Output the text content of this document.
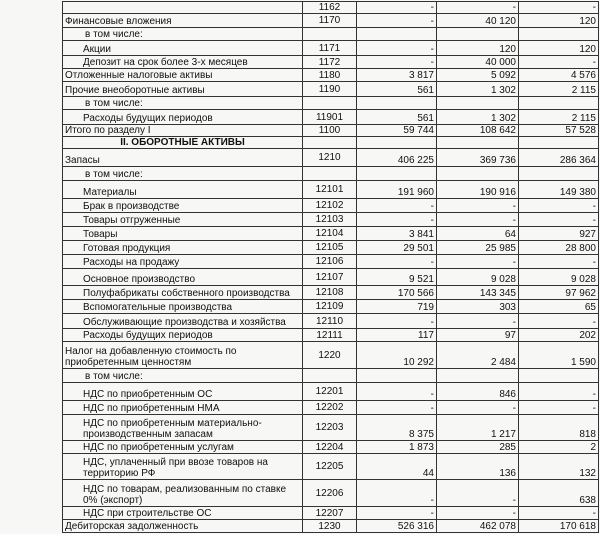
	1162	-	-	-
Финансовые вложения	1170	-	40 120	120
в том числе:				
Акции	1171	-	120	120
Депозит на срок более 3-х месяцев	1172	-	40 000	-
Отложенные налоговые активы	1180	3 817	5 092	4 576
Прочие внеоборотные активы	1190	561	1 302	2 115
в том числе:				
Расходы будущих периодов	11901	561	1 302	2 115
Итого по разделу I	1100	59 744	108 642	57 528
II. ОБОРОТНЫЕ АКТИВЫ				
Запасы	1210	406 225	369 736	286 364
в том числе:				
Материалы	12101	191 960	190 916	149 380
Брак в производстве	12102	-	-	-
Товары отгруженные	12103	-	-	-
Товары	12104	3 841	64	927
Готовая продукция	12105	29 501	25 985	28 800
Расходы на продажу	12106	-	-	-
Основное производство	12107	9 521	9 028	9 028
Полуфабрикаты собственного производства	12108	170 566	143 345	97 962
Вспомогательные производства	12109	719	303	65
Обслуживающие производства и хозяйства	12110	-	-	-
Расходы будущих периодов	12111	117	97	202
Налог на добавленную стоимость по приобретенным ценностям	1220	10 292	2 484	1 590
в том числе:				
НДС по приобретенным ОС	12201	-	846	-
НДС по приобретенным НМА	12202	-	-	-
НДС по приобретенным материально-производственным запасам	12203	8 375	1 217	818
НДС по приобретенным услугам	12204	1 873	285	2
НДС, уплаченный при ввозе товаров на территорию РФ	12205	44	136	132
НДС по товарам, реализованным по ставке 0% (экспорт)	12206	-	-	638
НДС при строительстве ОС	12207	-	-	-
Дебиторская задолженность	1230	526 316	462 078	170 618
